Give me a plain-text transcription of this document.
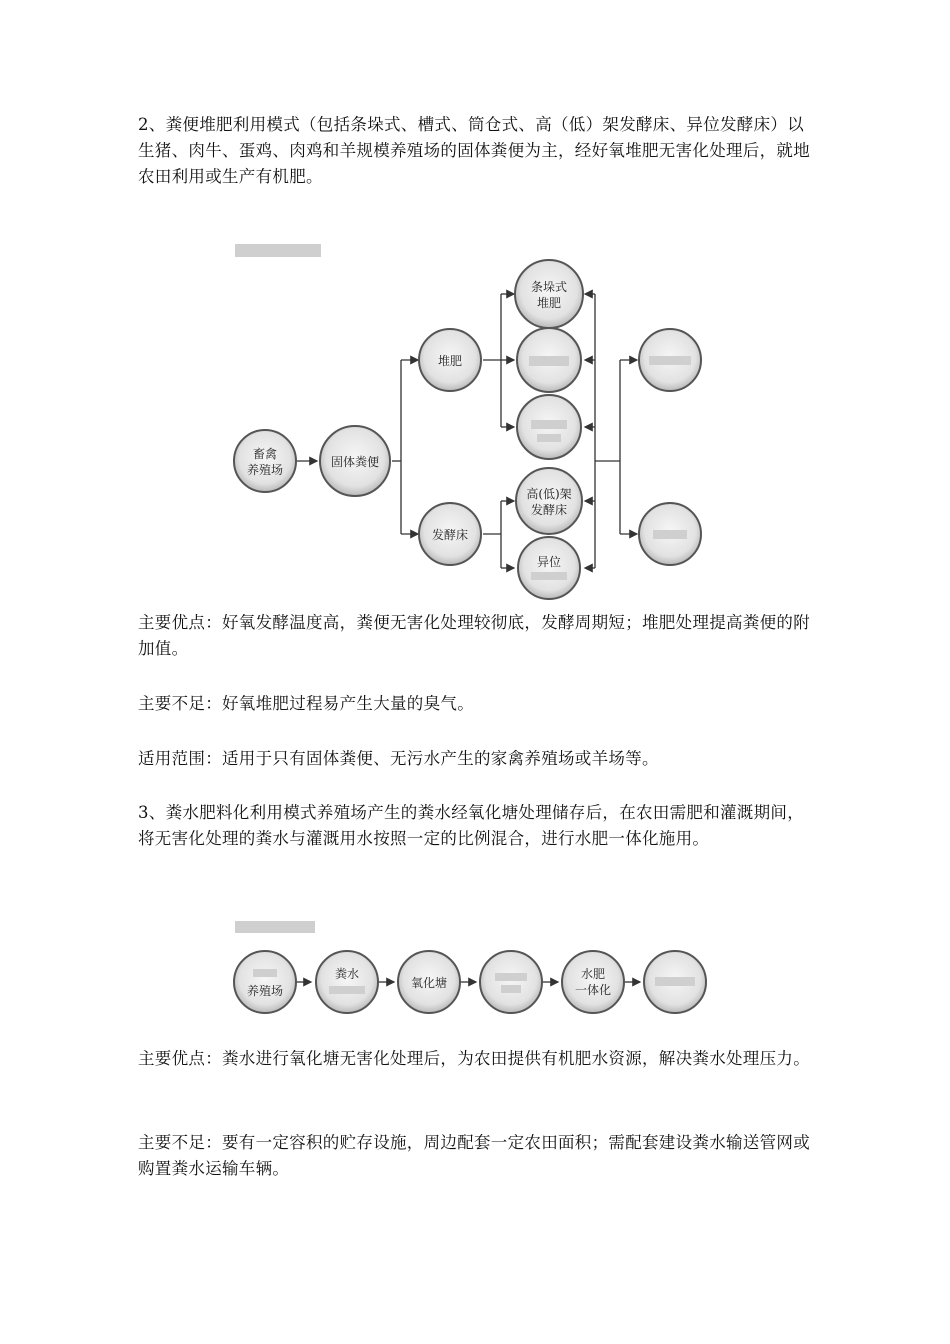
2、粪便堆肥利用模式（包括条垛式、槽式、筒仓式、高（低）架发酵床、异位发酵床）以生猪、肉牛、蛋鸡、肉鸡和羊规模养殖场的固体粪便为主，经好氧堆肥无害化处理后，就地农田利用或生产有机肥。

畜禽
养殖场
固体粪便
堆肥
发酵床
条垛式
堆肥
高(低)架
发酵床
异位

主要优点：好氧发酵温度高，粪便无害化处理较彻底，发酵周期短；堆肥处理提高粪便的附加值。

主要不足：好氧堆肥过程易产生大量的臭气。

适用范围：适用于只有固体粪便、无污水产生的家禽养殖场或羊场等。

3、粪水肥料化利用模式养殖场产生的粪水经氧化塘处理储存后，在农田需肥和灌溉期间，将无害化处理的粪水与灌溉用水按照一定的比例混合，进行水肥一体化施用。

养殖场
粪水
氧化塘
水肥
一体化

主要优点：粪水进行氧化塘无害化处理后，为农田提供有机肥水资源，解决粪水处理压力。

主要不足：要有一定容积的贮存设施，周边配套一定农田面积；需配套建设粪水输送管网或购置粪水运输车辆。
